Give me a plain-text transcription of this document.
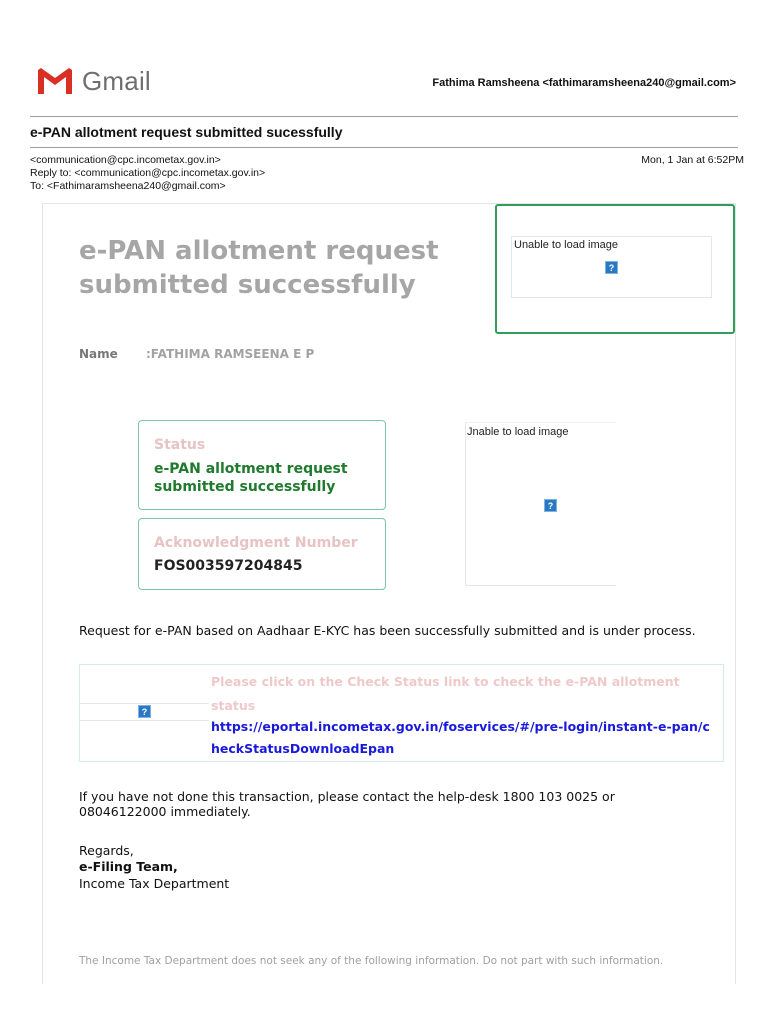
Gmail	Fathima Ramsheena <fathimaramsheena240@gmail.com>
e-PAN allotment request submitted sucessfully
<communication@cpc.incometax.gov.in>
Reply to: <communication@cpc.incometax.gov.in>
To: <Fathimaramsheena240@gmail.com>
Mon, 1 Jan at 6:52PM
e-PAN allotment request submitted successfully
Unable to load image
?
Name :FATHIMA RAMSEENA E P
Status
e-PAN allotment request submitted successfully
Acknowledgment Number
FOS003597204845
Jnable to load image
?
Request for e-PAN based on Aadhaar E-KYC has been successfully submitted and is under process.
?
Please click on the Check Status link to check the e-PAN allotment status
https://eportal.incometax.gov.in/foservices/#/pre-login/instant-e-pan/checkStatusDownloadEpan
If you have not done this transaction, please contact the help-desk 1800 103 0025 or 08046122000 immediately.
Regards,
e-Filing Team,
Income Tax Department
The Income Tax Department does not seek any of the following information. Do not part with such information.
